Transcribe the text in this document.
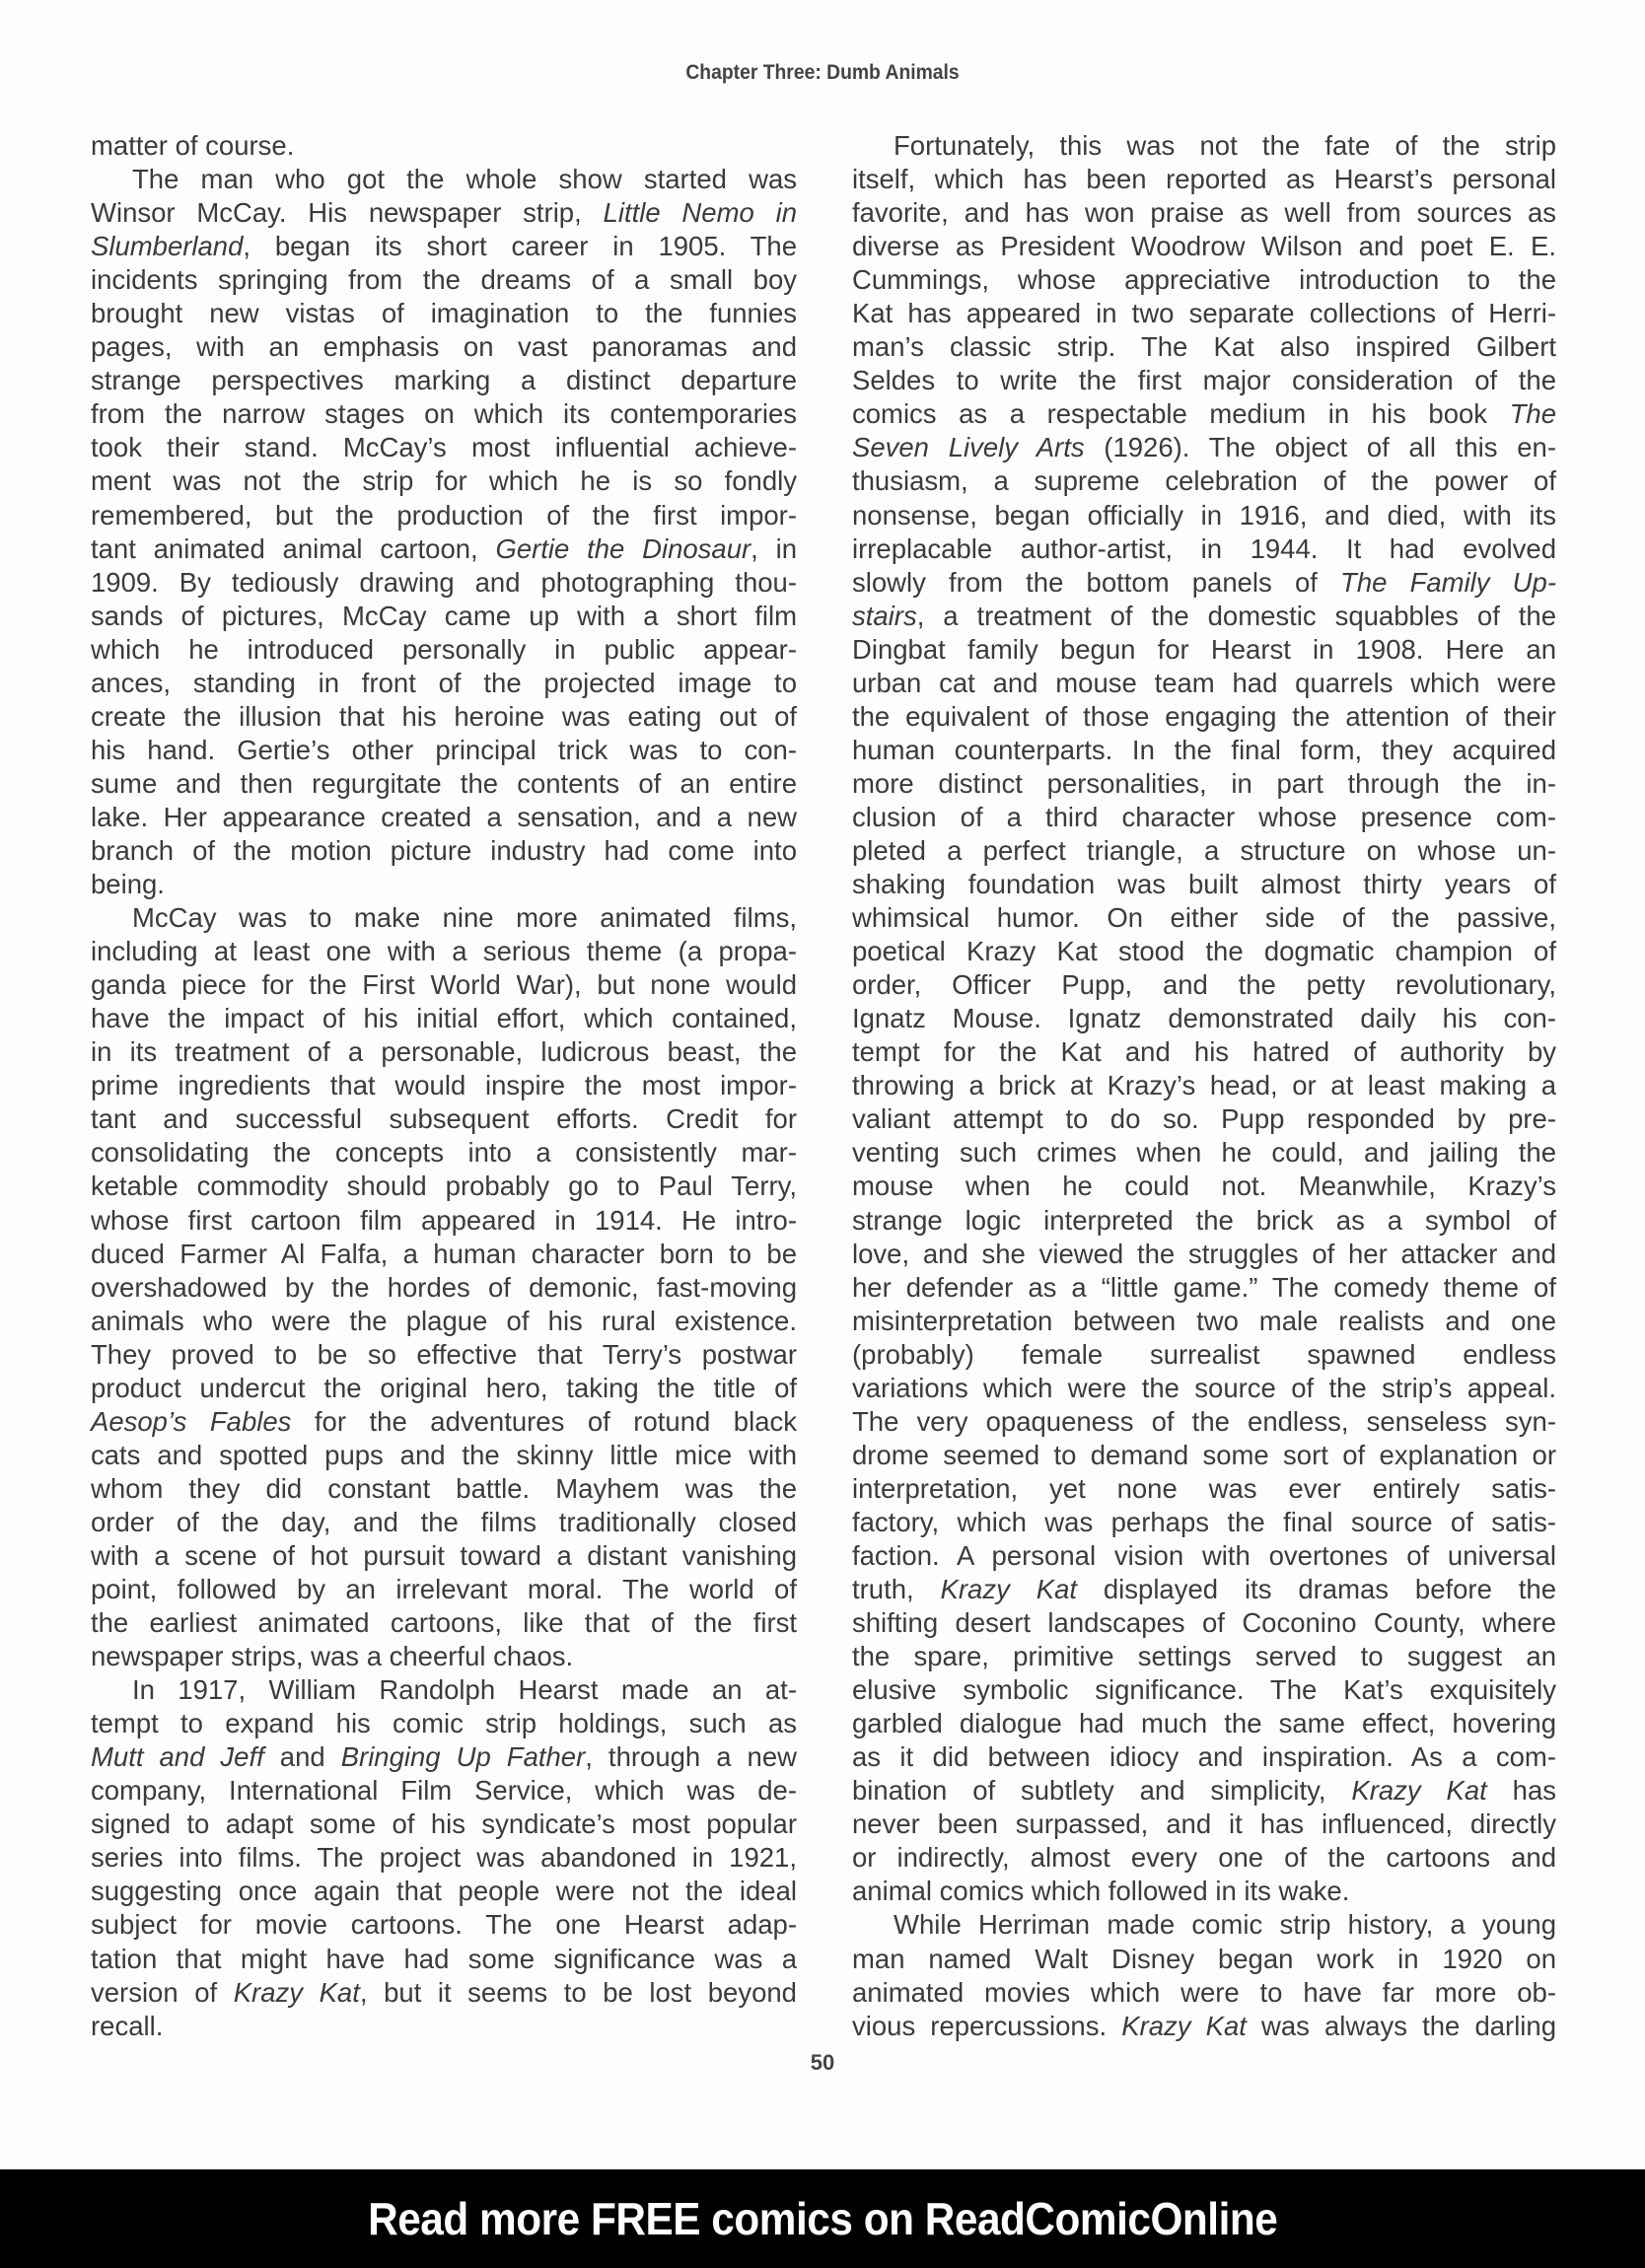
Chapter Three: Dumb Animals
matter of course.
The man who got the whole show started was
Winsor McCay. His newspaper strip, Little Nemo in
Slumberland, began its short career in 1905. The
incidents springing from the dreams of a small boy
brought new vistas of imagination to the funnies
pages, with an emphasis on vast panoramas and
strange perspectives marking a distinct departure
from the narrow stages on which its contemporaries
took their stand. McCay’s most influential achieve-
ment was not the strip for which he is so fondly
remembered, but the production of the first impor-
tant animated animal cartoon, Gertie the Dinosaur, in
1909. By tediously drawing and photographing thou-
sands of pictures, McCay came up with a short film
which he introduced personally in public appear-
ances, standing in front of the projected image to
create the illusion that his heroine was eating out of
his hand. Gertie’s other principal trick was to con-
sume and then regurgitate the contents of an entire
lake. Her appearance created a sensation, and a new
branch of the motion picture industry had come into
being.
McCay was to make nine more animated films,
including at least one with a serious theme (a propa-
ganda piece for the First World War), but none would
have the impact of his initial effort, which contained,
in its treatment of a personable, ludicrous beast, the
prime ingredients that would inspire the most impor-
tant and successful subsequent efforts. Credit for
consolidating the concepts into a consistently mar-
ketable commodity should probably go to Paul Terry,
whose first cartoon film appeared in 1914. He intro-
duced Farmer Al Falfa, a human character born to be
overshadowed by the hordes of demonic, fast-moving
animals who were the plague of his rural existence.
They proved to be so effective that Terry’s postwar
product undercut the original hero, taking the title of
Aesop’s Fables for the adventures of rotund black
cats and spotted pups and the skinny little mice with
whom they did constant battle. Mayhem was the
order of the day, and the films traditionally closed
with a scene of hot pursuit toward a distant vanishing
point, followed by an irrelevant moral. The world of
the earliest animated cartoons, like that of the first
newspaper strips, was a cheerful chaos.
In 1917, William Randolph Hearst made an at-
tempt to expand his comic strip holdings, such as
Mutt and Jeff and Bringing Up Father, through a new
company, International Film Service, which was de-
signed to adapt some of his syndicate’s most popular
series into films. The project was abandoned in 1921,
suggesting once again that people were not the ideal
subject for movie cartoons. The one Hearst adap-
tation that might have had some significance was a
version of Krazy Kat, but it seems to be lost beyond
recall.
Fortunately, this was not the fate of the strip
itself, which has been reported as Hearst’s personal
favorite, and has won praise as well from sources as
diverse as President Woodrow Wilson and poet E. E.
Cummings, whose appreciative introduction to the
Kat has appeared in two separate collections of Herri-
man’s classic strip. The Kat also inspired Gilbert
Seldes to write the first major consideration of the
comics as a respectable medium in his book The
Seven Lively Arts (1926). The object of all this en-
thusiasm, a supreme celebration of the power of
nonsense, began officially in 1916, and died, with its
irreplacable author-artist, in 1944. It had evolved
slowly from the bottom panels of The Family Up-
stairs, a treatment of the domestic squabbles of the
Dingbat family begun for Hearst in 1908. Here an
urban cat and mouse team had quarrels which were
the equivalent of those engaging the attention of their
human counterparts. In the final form, they acquired
more distinct personalities, in part through the in-
clusion of a third character whose presence com-
pleted a perfect triangle, a structure on whose un-
shaking foundation was built almost thirty years of
whimsical humor. On either side of the passive,
poetical Krazy Kat stood the dogmatic champion of
order, Officer Pupp, and the petty revolutionary,
Ignatz Mouse. Ignatz demonstrated daily his con-
tempt for the Kat and his hatred of authority by
throwing a brick at Krazy’s head, or at least making a
valiant attempt to do so. Pupp responded by pre-
venting such crimes when he could, and jailing the
mouse when he could not. Meanwhile, Krazy’s
strange logic interpreted the brick as a symbol of
love, and she viewed the struggles of her attacker and
her defender as a “little game.” The comedy theme of
misinterpretation between two male realists and one
(probably) female surrealist spawned endless
variations which were the source of the strip’s appeal.
The very opaqueness of the endless, senseless syn-
drome seemed to demand some sort of explanation or
interpretation, yet none was ever entirely satis-
factory, which was perhaps the final source of satis-
faction. A personal vision with overtones of universal
truth, Krazy Kat displayed its dramas before the
shifting desert landscapes of Coconino County, where
the spare, primitive settings served to suggest an
elusive symbolic significance. The Kat’s exquisitely
garbled dialogue had much the same effect, hovering
as it did between idiocy and inspiration. As a com-
bination of subtlety and simplicity, Krazy Kat has
never been surpassed, and it has influenced, directly
or indirectly, almost every one of the cartoons and
animal comics which followed in its wake.
While Herriman made comic strip history, a young
man named Walt Disney began work in 1920 on
animated movies which were to have far more ob-
vious repercussions. Krazy Kat was always the darling
50
Read more FREE comics on ReadComicOnline
